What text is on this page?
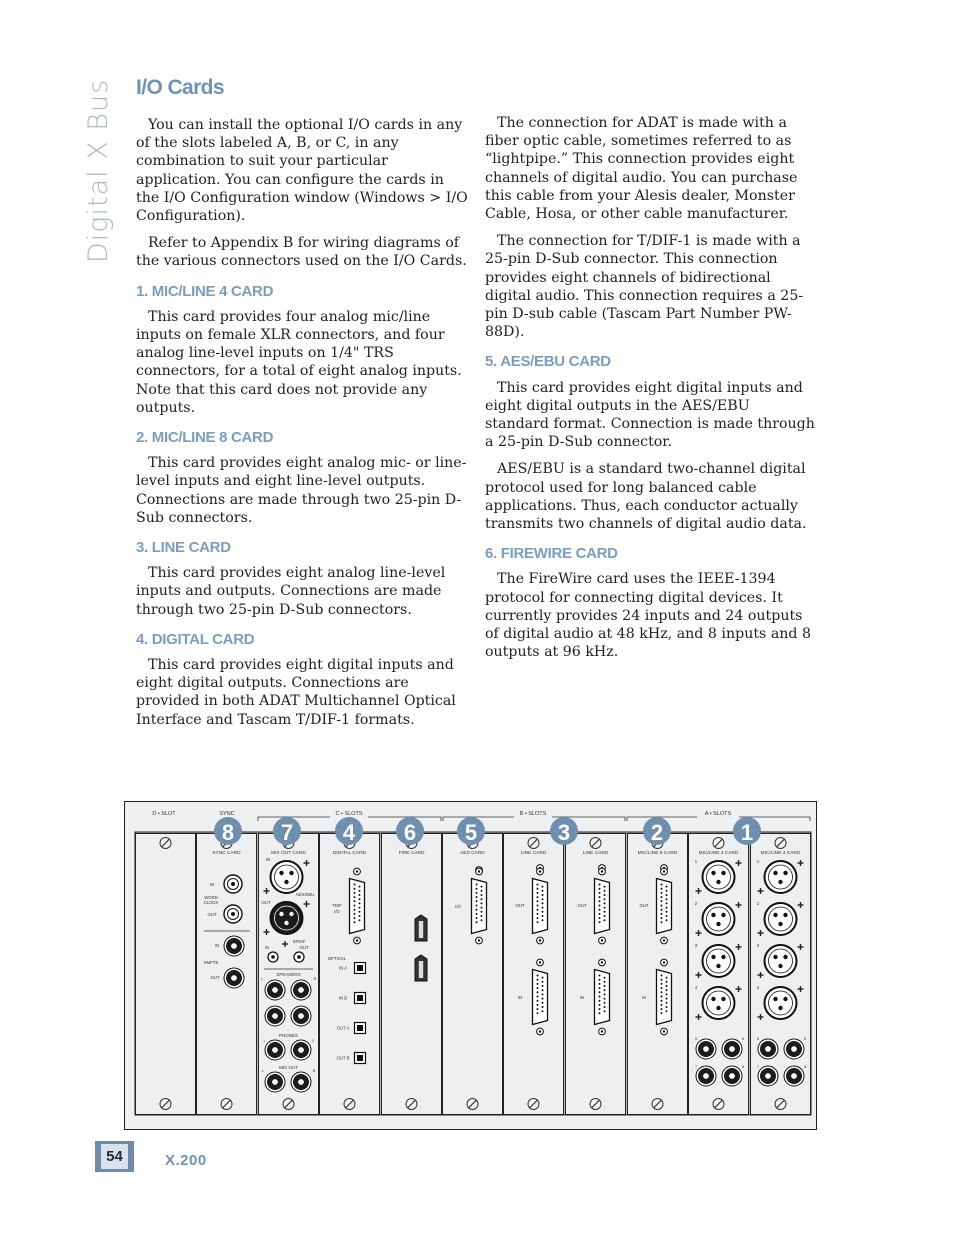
Digital X Bus	I/O Cards

You can install the optional I/O cards in any of the slots labeled A, B, or C, in any combination to suit your particular application. You can configure the cards in the I/O Configuration window (Windows > I/O Configuration).

Refer to Appendix B for wiring diagrams of the various connectors used on the I/O Cards.

1. MIC/LINE 4 CARD

This card provides four analog mic/line inputs on female XLR connectors, and four analog line-level inputs on 1/4" TRS connectors, for a total of eight analog inputs. Note that this card does not provide any outputs.

2. MIC/LINE 8 CARD

This card provides eight analog mic- or line-level inputs and eight line-level outputs. Connections are made through two 25-pin D-Sub connectors.

3. LINE CARD

This card provides eight analog line-level inputs and outputs. Connections are made through two 25-pin D-Sub connectors.

4. DIGITAL CARD

This card provides eight digital inputs and eight digital outputs. Connections are provided in both ADAT Multichannel Optical Interface and Tascam T/DIF-1 formats.

The connection for ADAT is made with a fiber optic cable, sometimes referred to as “lightpipe.” This connection provides eight channels of digital audio. You can purchase this cable from your Alesis dealer, Monster Cable, Hosa, or other cable manufacturer.

The connection for T/DIF-1 is made with a 25-pin D-Sub connector. This connection provides eight channels of bidirectional digital audio. This connection requires a 25-pin D-sub cable (Tascam Part Number PW-88D).

5. AES/EBU CARD

This card provides eight digital inputs and eight digital outputs in the AES/EBU standard format. Connection is made through a 25-pin D-Sub connector.

AES/EBU is a standard two-channel digital protocol used for long balanced cable applications. Thus, each conductor actually transmits two channels of digital audio data.

6. FIREWIRE CARD

The FireWire card uses the IEEE-1394 protocol for connecting digital devices. It currently provides 24 inputs and 24 outputs of digital audio at 48 kHz, and 8 inputs and 8 outputs at 96 kHz.

D • SLOT	SYNC	C • SLOTS	B • SLOTS	A • SLOTS
SYNC CARD
IN
WORD
CLOCK
OUT
IN
SMPTE
OUT
MIX OUT CARD
IN
AES/EBU
OUT
SPDIF
IN	OUT
SPEAKERS
L	R
PHONES
1	2
MIX OUT
L	R
DIGITAL CARD
TDIF
I/O
OPTICAL
IN A
IN B
OUT A
OUT B
FIRE CARD	AES CARD
I/O
LINE CARD
OUT
IN
LINE CARD
OUT
IN
MIC/LINE 8 CARD
OUT
IN
MIC/LINE 4 CARD
1
2
3
4
5	6
7	8
MIC/LINE 4 CARD
1
2
3
4
5	6
7	8
8 7 4 6 5	3	2	1
54	X.200
